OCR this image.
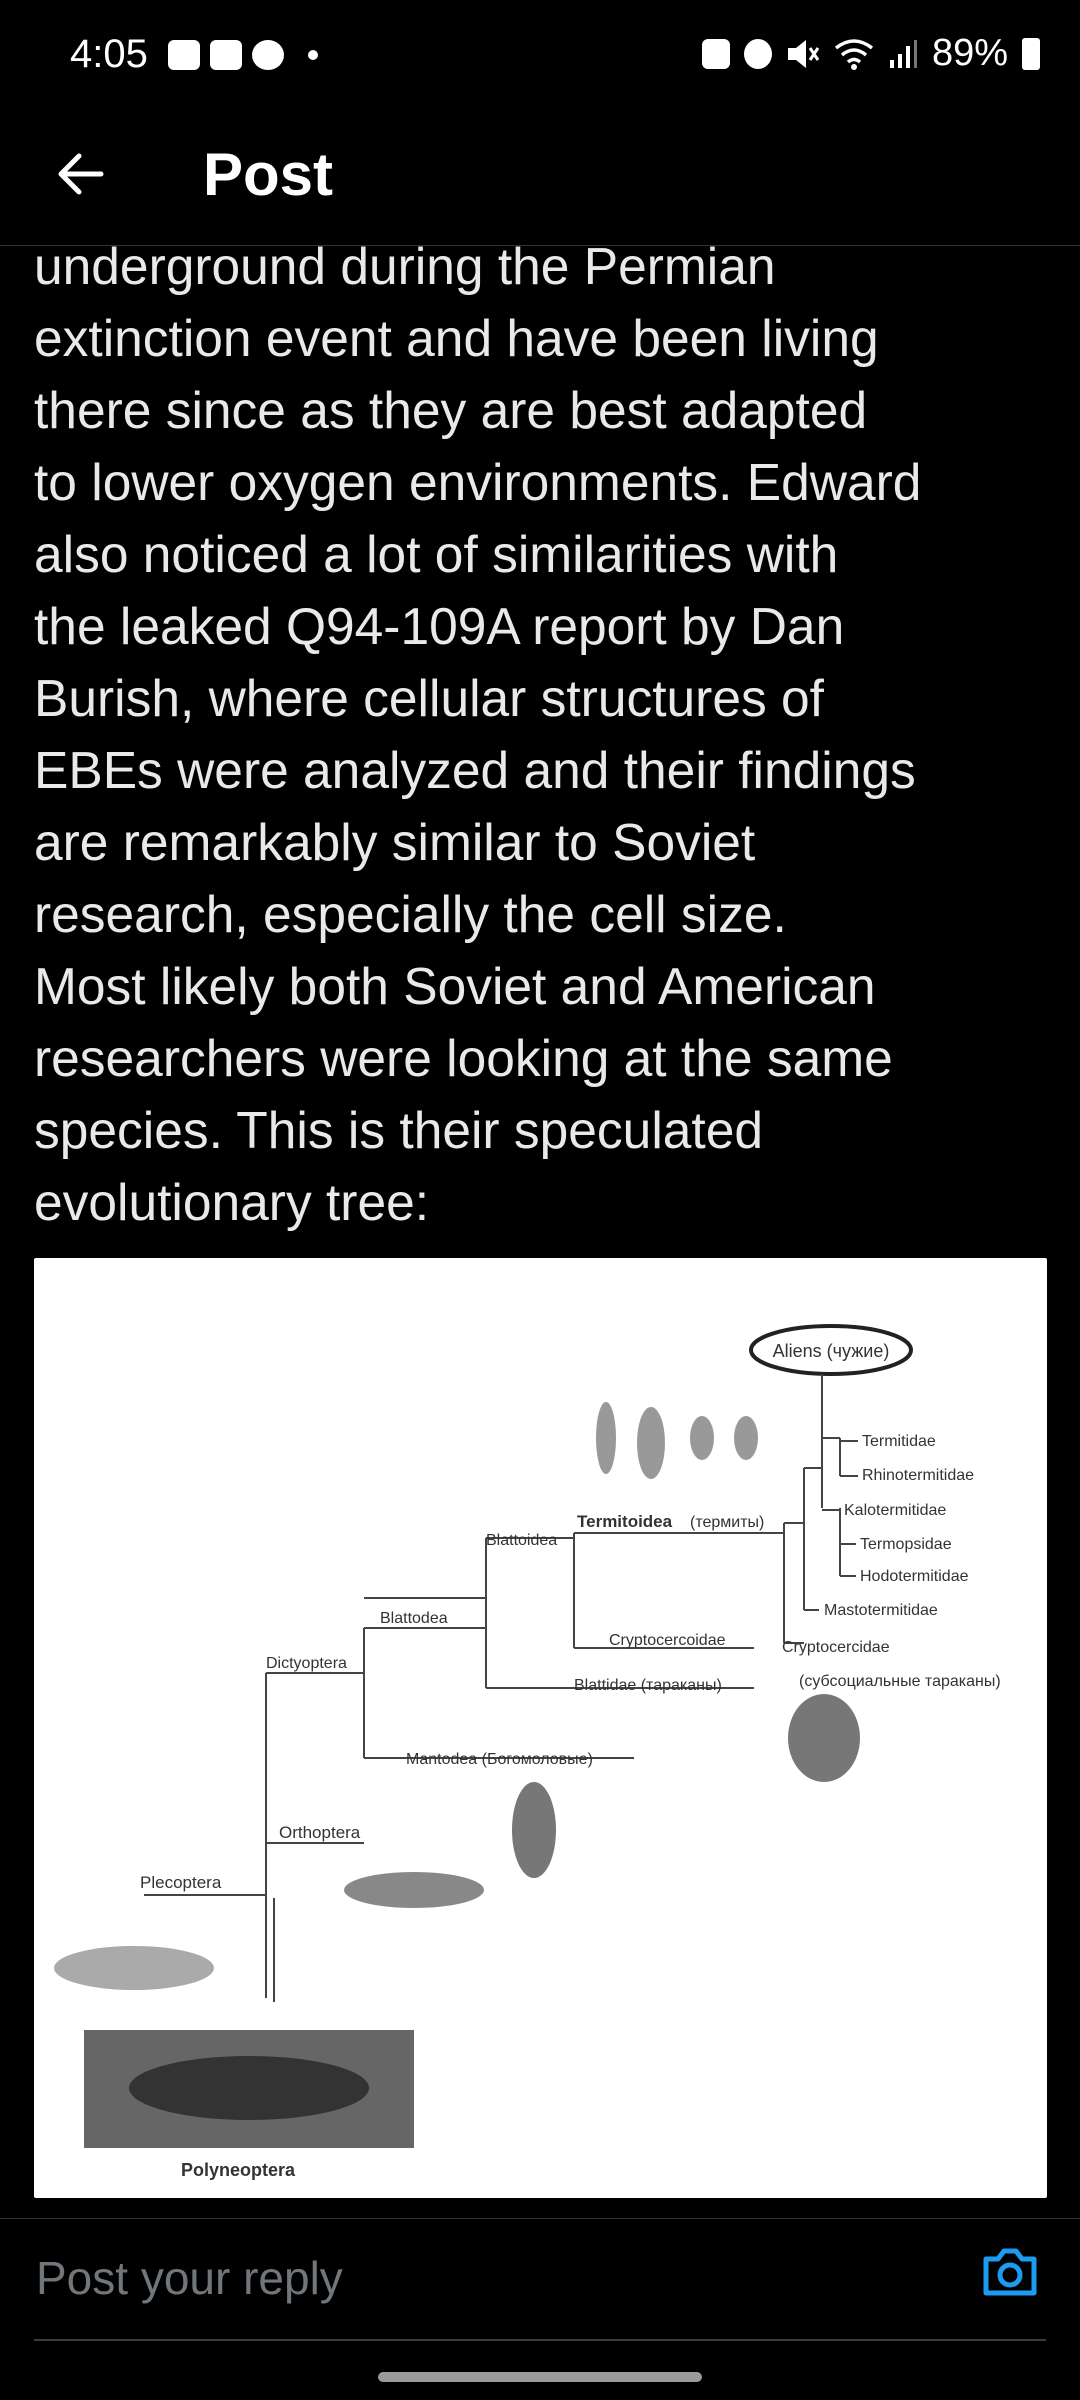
4:05	89%
Post

underground during the Permian
extinction event and have been living
there since as they are best adapted
to lower oxygen environments. Edward
also noticed a lot of similarities with
the leaked Q94-109A report by Dan
Burish, where cellular structures of
EBEs were analyzed and their findings
are remarkably similar to Soviet
research, especially the cell size.
Most likely both Soviet and American
researchers were looking at the same
species. This is their speculated
evolutionary tree:

Aliens (чужие)
Termitoidea (термиты)
Blattoidea
Blattodea
Dictyoptera
Orthoptera
Plecoptera
Mantodea (Богомоловые)
Cryptocercoidae	Cryptocercidae
(субсоциальные тараканы)
Blattidae (тараканы)
Polyneoptera
Termitidae
Rhinotermitidae
Kalotermitidae
Termopsidae
Hodotermitidae
Mastotermitidae
Post your reply
